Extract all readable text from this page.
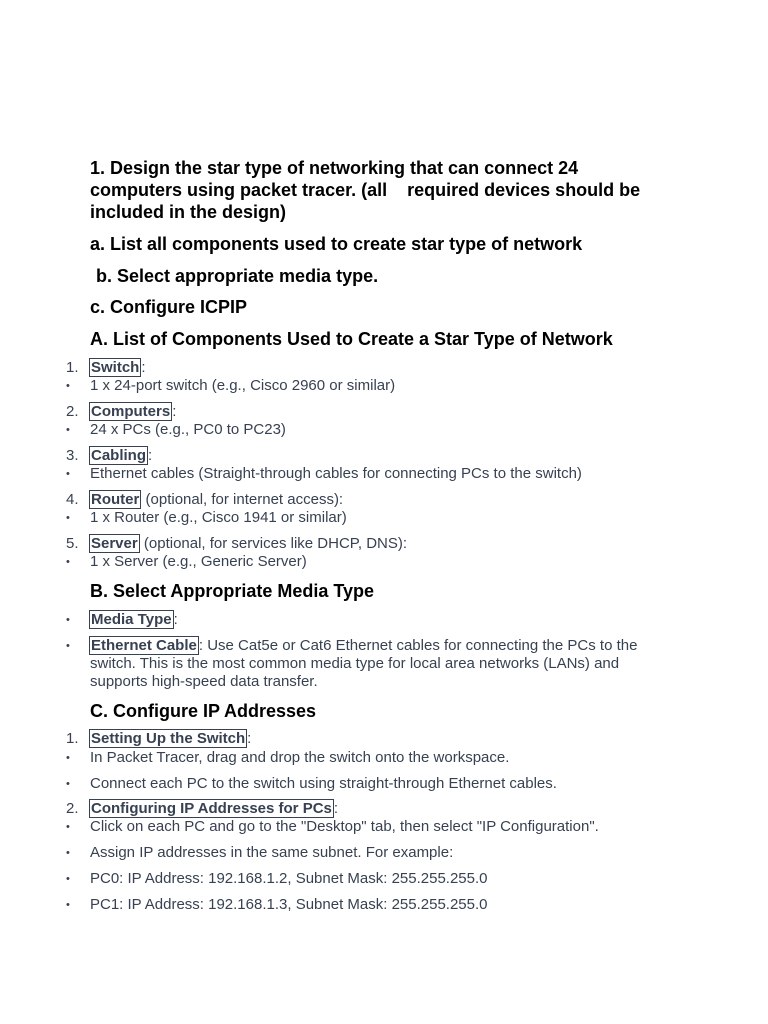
1. Design the star type of networking that can connect 24
computers using packet tracer. (all    required devices should be
included in the design)
a. List all components used to create star type of network
b. Select appropriate media type.
c. Configure ICPIP
A. List of Components Used to Create a Star Type of Network
1. Switch :
•	1 x 24-port switch (e.g., Cisco 2960 or similar)
2. Computers :
•	24 x PCs (e.g., PC0 to PC23)
3. Cabling :
•	Ethernet cables (Straight-through cables for connecting PCs to the switch)
4. Router (optional, for internet access):
•	1 x Router (e.g., Cisco 1941 or similar)
5. Server (optional, for services like DHCP, DNS):
•	1 x Server (e.g., Generic Server)
B. Select Appropriate Media Type
•	Media Type :
•	Ethernet Cable : Use Cat5e or Cat6 Ethernet cables for connecting the PCs to the
switch. This is the most common media type for local area networks (LANs) and
supports high-speed data transfer.
C. Configure IP Addresses
1. Setting Up the Switch :
•	In Packet Tracer, drag and drop the switch onto the workspace.
•	Connect each PC to the switch using straight-through Ethernet cables.
2. Configuring IP Addresses for PCs :
•	Click on each PC and go to the "Desktop" tab, then select "IP Configuration".
•	Assign IP addresses in the same subnet. For example:
•	PC0: IP Address: 192.168.1.2, Subnet Mask: 255.255.255.0
•	PC1: IP Address: 192.168.1.3, Subnet Mask: 255.255.255.0
